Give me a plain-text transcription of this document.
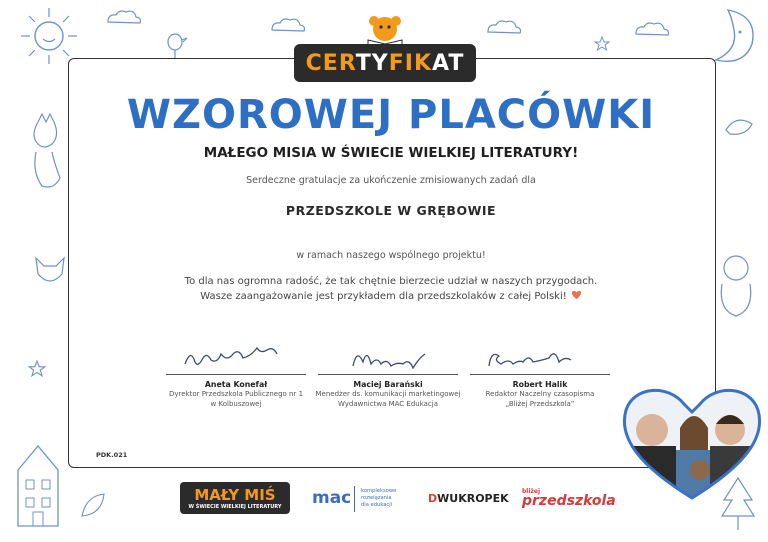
CERTYFIKAT
WZOROWEJ PLACÓWKI
MAŁEGO MISIA W ŚWIECIE WIELKIEJ LITERATURY!
Serdeczne gratulacje za ukończenie zmisiowanych zadań dla
PRZEDSZKOLE W GRĘBOWIE
w ramach naszego wspólnego projektu!
To dla nas ogromna radość, że tak chętnie bierzecie udział w naszych przygodach.
Wasze zaangażowanie jest przykładem dla przedszkolaków z całej Polski!
Aneta Konefał
Dyrektor Przedszkola Publicznego nr 1
w Kolbuszowej
Maciej Barański
Menedżer ds. komunikacji marketingowej
Wydawnictwa MAC Edukacja
Robert Halik
Redaktor Naczelny czasopisma
„Bliżej Przedszkola”
PDK.021
MAŁY MIŚ
W ŚWIECIE WIELKIEJ LITERATURY	mac kompleksowe
rozwiązania
dla edukacji	DWUKROPEK
bliżej
przedszkola
